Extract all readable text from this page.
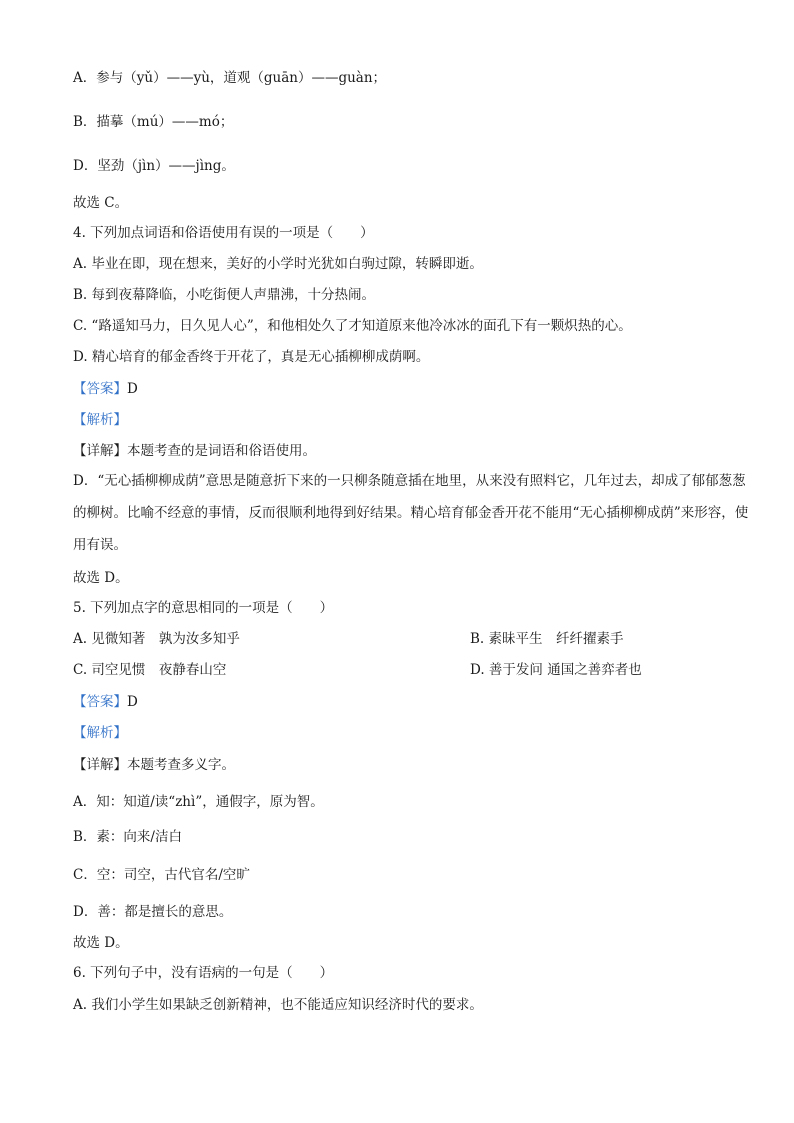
A．参与（yǔ）——yù，道观（guān）——guàn；
B．描摹（mú）——mó；
D．坚劲（jìn）——jìng。
故选 C。
4. 下列加点词语和俗语使用有误的一项是（　　）
A. 毕业在即，现在想来，美好的小学时光犹如白驹过隙，转瞬即逝。
B. 每到夜幕降临，小吃街便人声鼎沸，十分热闹。
C. “路遥知马力，日久见人心”，和他相处久了才知道原来他冷冰冰的面孔下有一颗炽热的心。
D. 精心培育的郁金香终于开花了，真是无心插柳柳成荫啊。
【答案】D
【解析】
【详解】本题考查的是词语和俗语使用。
D．“无心插柳柳成荫”意思是随意折下来的一只柳条随意插在地里，从来没有照料它，几年过去，却成了郁郁葱葱的柳树。比喻不经意的事情，反而很顺利地得到好结果。精心培育郁金香开花不能用“无心插柳柳成荫”来形容，使用有误。
故选 D。
5. 下列加点字的意思相同的一项是（　　）
A. 见微知著　孰为汝多知乎	B. 素昧平生　纤纤擢素手
C. 司空见惯　夜静春山空	D. 善于发问 通国之善弈者也
【答案】D
【解析】
【详解】本题考查多义字。
A．知：知道/读“zhì”，通假字，原为智。
B．素：向来/洁白
C．空：司空，古代官名/空旷
D．善：都是擅长的意思。
故选 D。
6. 下列句子中，没有语病的一句是（　　）
A. 我们小学生如果缺乏创新精神，也不能适应知识经济时代的要求。
